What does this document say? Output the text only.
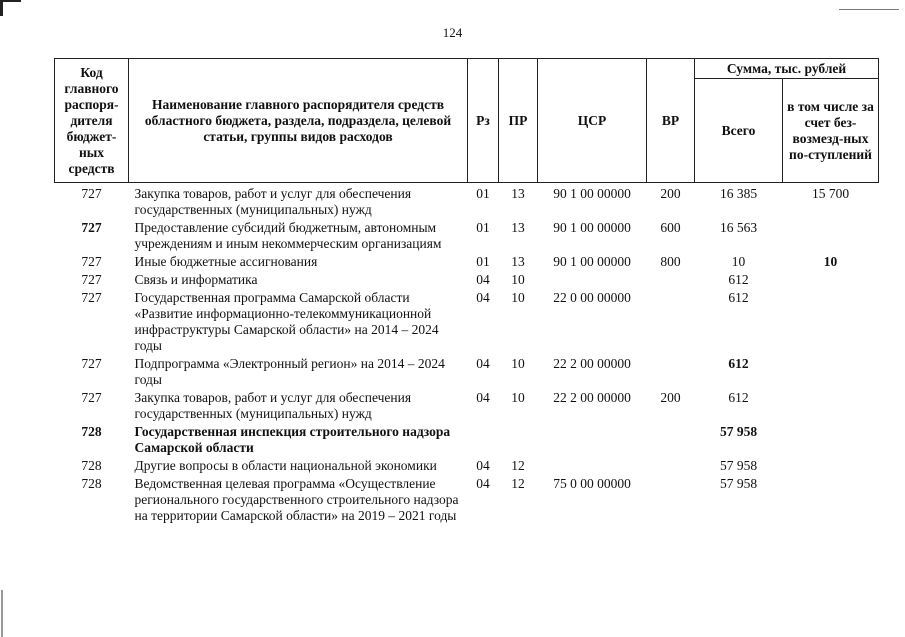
124
Код главного распоря-дителя бюджет-ных средств	Наименование главного распорядителя средств областного бюджета, раздела, подраздела, целевой статьи, группы видов расходов	Рз	ПР	ЦСР	ВР	Сумма, тыс. рублей	
						Всего	в том числе за счет без-возмезд-ных по-ступлений
727	Закупка товаров, работ и услуг для обеспечения государственных (муниципальных) нужд	01	13	90 1 00 00000	200	16 385	15 700
727	Предоставление субсидий бюджетным, автономным учреждениям и иным некоммерческим организациям	01	13	90 1 00 00000	600	16 563	
727	Иные бюджетные ассигнования	01	13	90 1 00 00000	800	10	10
727	Связь и информатика	04	10			612	
727	Государственная программа Самарской области «Развитие информационно-телекоммуникационной инфраструктуры Самарской области» на 2014 – 2024 годы	04	10	22 0 00 00000		612	
727	Подпрограмма «Электронный регион» на 2014 – 2024 годы	04	10	22 2 00 00000		612	
727	Закупка товаров, работ и услуг для обеспечения государственных (муниципальных) нужд	04	10	22 2 00 00000	200	612	
728	Государственная инспекция строительного надзора Самарской области					57 958	
728	Другие вопросы в области национальной экономики	04	12			57 958	
728	Ведомственная целевая программа «Осуществление регионального государственного строительного надзора на территории Самарской области» на 2019 – 2021 годы	04	12	75 0 00 00000		57 958	
